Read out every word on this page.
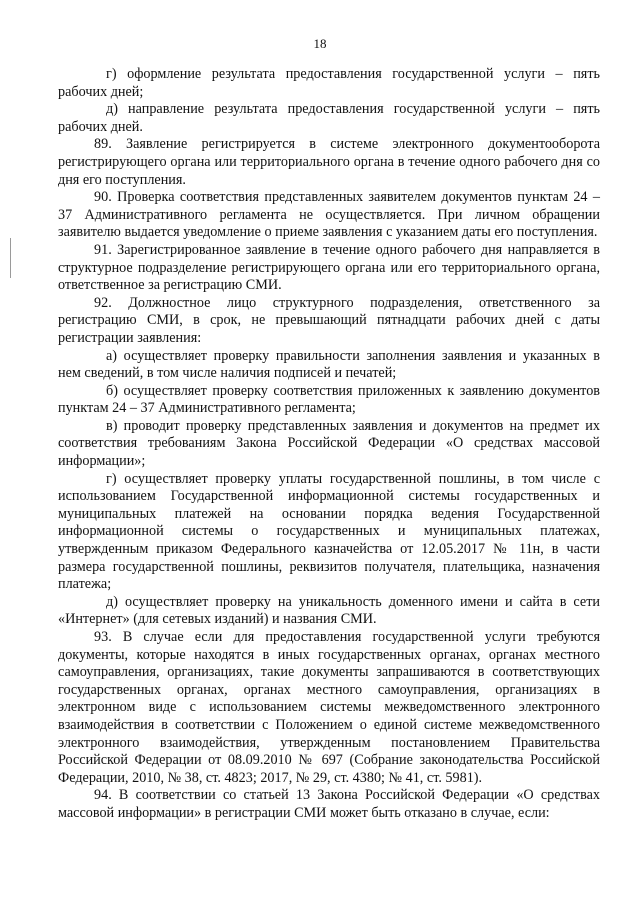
18

г) оформление результата предоставления государственной услуги – пять рабочих дней;

д) направление результата предоставления государственной услуги – пять рабочих дней.

89. Заявление регистрируется в системе электронного документооборота регистрирующего органа или территориального органа в течение одного рабочего дня со дня его поступления.

90. Проверка соответствия представленных заявителем документов пунктам 24 – 37 Административного регламента не осуществляется. При личном обращении заявителю выдается уведомление о приеме заявления с указанием даты его поступления.

91. Зарегистрированное заявление в течение одного рабочего дня направляется в структурное подразделение регистрирующего органа или его территориального органа, ответственное за регистрацию СМИ.

92. Должностное лицо структурного подразделения, ответственного за регистрацию СМИ, в срок, не превышающий пятнадцати рабочих дней с даты регистрации заявления:

а) осуществляет проверку правильности заполнения заявления и указанных в нем сведений, в том числе наличия подписей и печатей;

б) осуществляет проверку соответствия приложенных к заявлению документов пунктам 24 – 37 Административного регламента;

в) проводит проверку представленных заявления и документов на предмет их соответствия требованиям Закона Российской Федерации «О средствах массовой информации»;

г) осуществляет проверку уплаты государственной пошлины, в том числе с использованием Государственной информационной системы государственных и муниципальных платежей на основании порядка ведения Государственной информационной системы о государственных и муниципальных платежах, утвержденным приказом Федерального казначейства от 12.05.2017 № 11н, в части размера государственной пошлины, реквизитов получателя, плательщика, назначения платежа;

д) осуществляет проверку на уникальность доменного имени и сайта в сети «Интернет» (для сетевых изданий) и названия СМИ.

93. В случае если для предоставления государственной услуги требуются документы, которые находятся в иных государственных органах, органах местного самоуправления, организациях, такие документы запрашиваются в соответствующих государственных органах, органах местного самоуправления, организациях в электронном виде с использованием системы межведомственного электронного взаимодействия в соответствии с Положением о единой системе межведомственного электронного взаимодействия, утвержденным постановлением Правительства Российской Федерации от 08.09.2010 № 697 (Собрание законодательства Российской Федерации, 2010, № 38, ст. 4823; 2017, № 29, ст. 4380; № 41, ст. 5981).

94. В соответствии со статьей 13 Закона Российской Федерации «О средствах массовой информации» в регистрации СМИ может быть отказано в случае, если:
